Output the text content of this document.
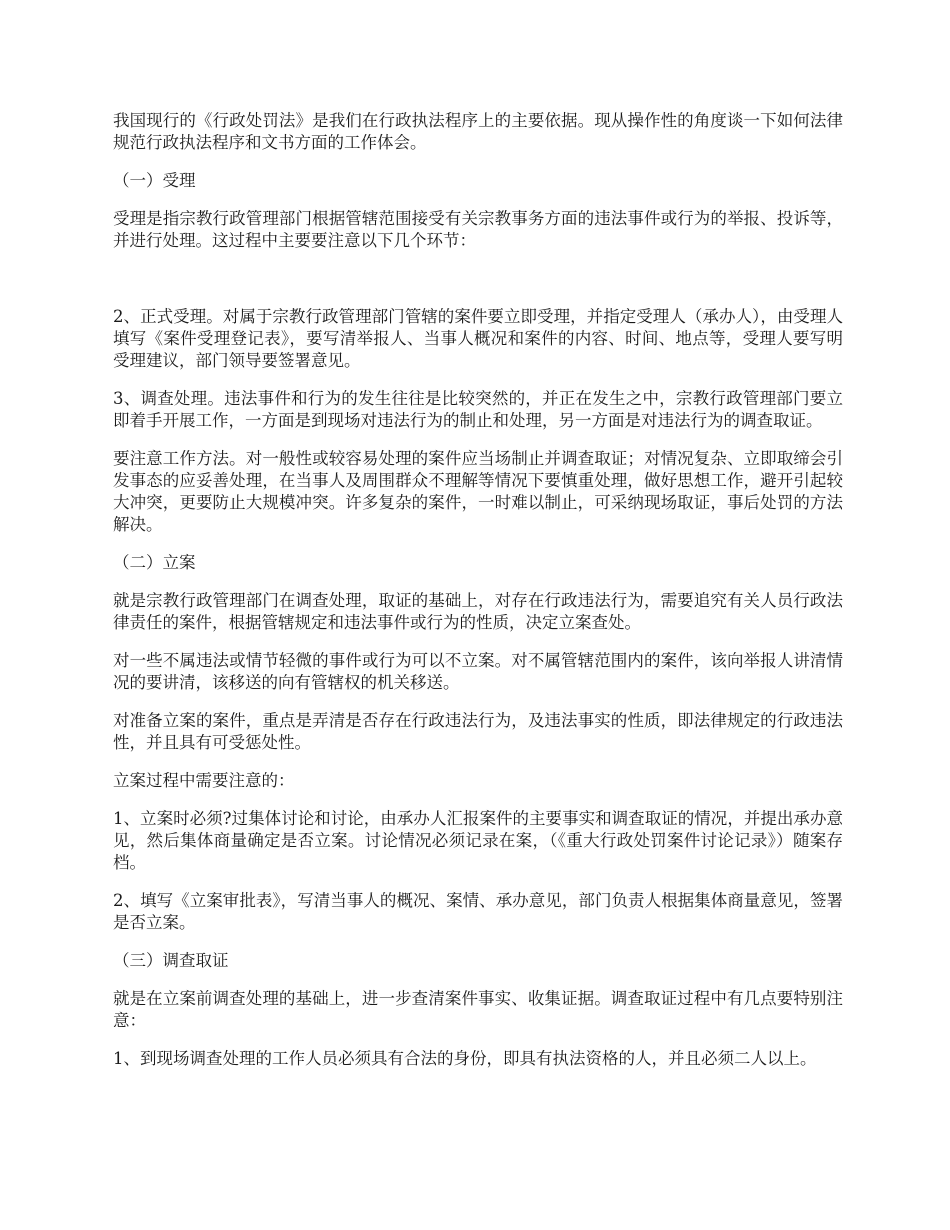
我国现行的《行政处罚法》是我们在行政执法程序上的主要依据。现从操作性的角度谈一下如何法律规范行政执法程序和文书方面的工作体会。

（一）受理

受理是指宗教行政管理部门根据管辖范围接受有关宗教事务方面的违法事件或行为的举报、投诉等，并进行处理。这过程中主要要注意以下几个环节：

2、正式受理。对属于宗教行政管理部门管辖的案件要立即受理，并指定受理人（承办人），由受理人填写《案件受理登记表》，要写清举报人、当事人概况和案件的内容、时间、地点等，受理人要写明受理建议，部门领导要签署意见。

3、调查处理。违法事件和行为的发生往往是比较突然的，并正在发生之中，宗教行政管理部门要立即着手开展工作，一方面是到现场对违法行为的制止和处理，另一方面是对违法行为的调查取证。

要注意工作方法。对一般性或较容易处理的案件应当场制止并调查取证；对情况复杂、立即取缔会引发事态的应妥善处理，在当事人及周围群众不理解等情况下要慎重处理，做好思想工作，避开引起较大冲突，更要防止大规模冲突。许多复杂的案件，一时难以制止，可采纳现场取证，事后处罚的方法解决。

（二）立案

就是宗教行政管理部门在调查处理，取证的基础上，对存在行政违法行为，需要追究有关人员行政法律责任的案件，根据管辖规定和违法事件或行为的性质，决定立案查处。

对一些不属违法或情节轻微的事件或行为可以不立案。对不属管辖范围内的案件，该向举报人讲清情况的要讲清，该移送的向有管辖权的机关移送。

对准备立案的案件，重点是弄清是否存在行政违法行为，及违法事实的性质，即法律规定的行政违法性，并且具有可受惩处性。

立案过程中需要注意的：

1、立案时必须?过集体讨论和讨论，由承办人汇报案件的主要事实和调查取证的情况，并提出承办意见，然后集体商量确定是否立案。讨论情况必须记录在案，（《重大行政处罚案件讨论记录》）随案存档。

2、填写《立案审批表》，写清当事人的概况、案情、承办意见，部门负责人根据集体商量意见，签署是否立案。

（三）调查取证

就是在立案前调查处理的基础上，进一步查清案件事实、收集证据。调查取证过程中有几点要特别注意：

1、到现场调查处理的工作人员必须具有合法的身份，即具有执法资格的人，并且必须二人以上。
